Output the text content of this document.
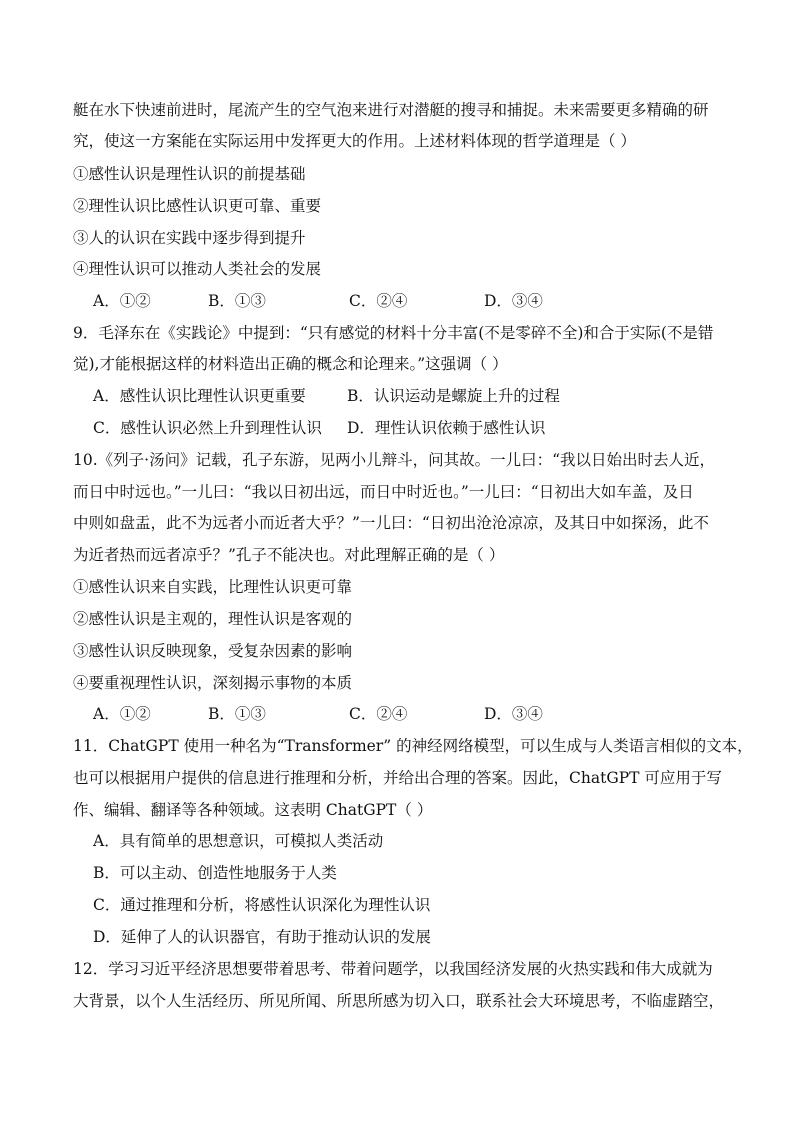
艇在水下快速前进时，尾流产生的空气泡来进行对潜艇的搜寻和捕捉。未来需要更多精确的研
究，使这一方案能在实际运用中发挥更大的作用。上述材料体现的哲学道理是（ ）
①感性认识是理性认识的前提基础
②理性认识比感性认识更可靠、重要
③人的认识在实践中逐步得到提升
④理性认识可以推动人类社会的发展
A．①②	B．①③	C．②④	D．③④
9．毛泽东在《实践论》中提到：“只有感觉的材料十分丰富(不是零碎不全)和合于实际(不是错
觉),才能根据这样的材料造出正确的概念和论理来。”这强调（ ）
A．感性认识比理性认识更重要	B．认识运动是螺旋上升的过程
C．感性认识必然上升到理性认识 D．理性认识依赖于感性认识
10.《列子·汤问》记载，孔子东游，见两小儿辩斗，问其故。一儿曰：“我以日始出时去人近，
而日中时远也。”一儿曰：“我以日初出远，而日中时近也。”一儿曰：“日初出大如车盖，及日
中则如盘盂，此不为远者小而近者大乎？”一儿曰：“日初出沧沧凉凉，及其日中如探汤，此不
为近者热而远者凉乎？”孔子不能决也。对此理解正确的是（ ）
①感性认识来自实践，比理性认识更可靠
②感性认识是主观的，理性认识是客观的
③感性认识反映现象，受复杂因素的影响
④要重视理性认识，深刻揭示事物的本质
A．①②	B．①③	C．②④	D．③④
11．ChatGPT 使用一种名为“Transformer” 的神经网络模型，可以生成与人类语言相似的文本，
也可以根据用户提供的信息进行推理和分析，并给出合理的答案。因此，ChatGPT 可应用于写
作、编辑、翻译等各种领域。这表明 ChatGPT（ ）
A．具有简单的思想意识，可模拟人类活动
B．可以主动、创造性地服务于人类
C．通过推理和分析，将感性认识深化为理性认识
D．延伸了人的认识器官，有助于推动认识的发展
12．学习习近平经济思想要带着思考、带着问题学，以我国经济发展的火热实践和伟大成就为
大背景，以个人生活经历、所见所闻、所思所感为切入口，联系社会大环境思考，不临虚踏空，
